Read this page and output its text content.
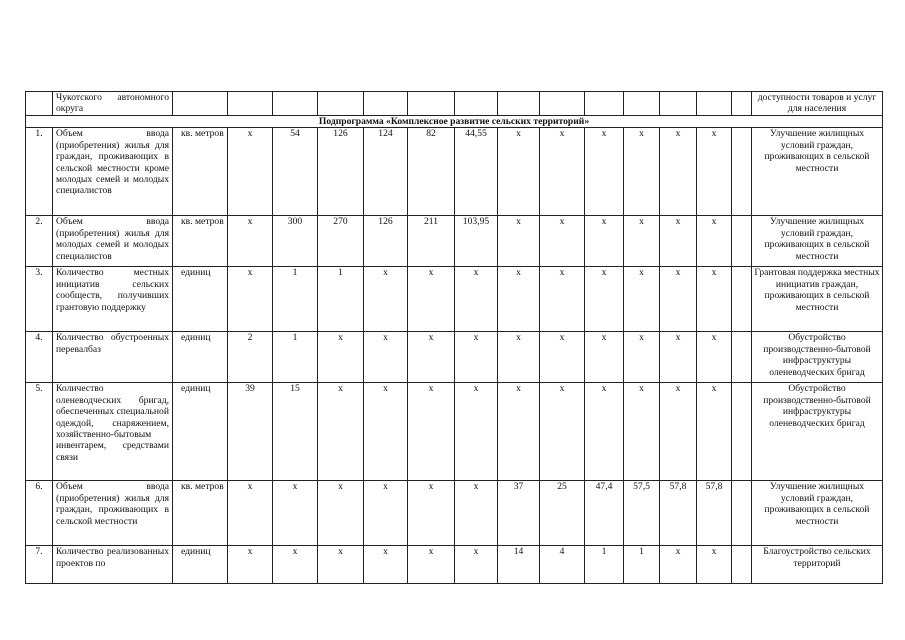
	Чукотского автономного округа															доступности товаров и услуг для населения
Подпрограмма «Комплексное развитие сельских территорий»																
1.	Объем ввода (приобретения) жилья для граждан, проживающих в сельской местности кроме молодых семей и молодых специалистов	кв. метров	х	54	126	124	82	44,55	х	х	х	х	х	х		Улучшение жилищных условий граждан, проживающих в сельской местности
2.	Объем ввода (приобретения) жилья для молодых семей и молодых специалистов	кв. метров	х	300	270	126	211	103,95	х	х	х	х	х	х		Улучшение жилищных условий граждан, проживающих в сельской местности
3.	Количество местных инициатив сельских сообществ, получивших грантовую поддержку	единиц	х	1	1	х	х	х	х	х	х	х	х	х		Грантовая поддержка местных инициатив граждан, проживающих в сельской местности
4.	Количество обустроенных перевалбаз	единиц	2	1	х	х	х	х	х	х	х	х	х	х		Обустройство производственно-бытовой инфраструктуры оленеводческих бригад
5.	Количество оленеводческих бригад, обеспеченных специальной одеждой, снаряжением, хозяйственно-бытовым инвентарем, средствами связи	единиц	39	15	х	х	х	х	х	х	х	х	х	х		Обустройство производственно-бытовой инфраструктуры оленеводческих бригад
6.	Объем ввода (приобретения) жилья для граждан, проживающих в сельской местности	кв. метров	х	х	х	х	х	х	37	25	47,4	57,5	57,8	57,8		Улучшение жилищных условий граждан, проживающих в сельской местности
7.	Количество реализованных проектов по	единиц	х	х	х	х	х	х	14	4	1	1	х	х		Благоустройство сельских территорий
